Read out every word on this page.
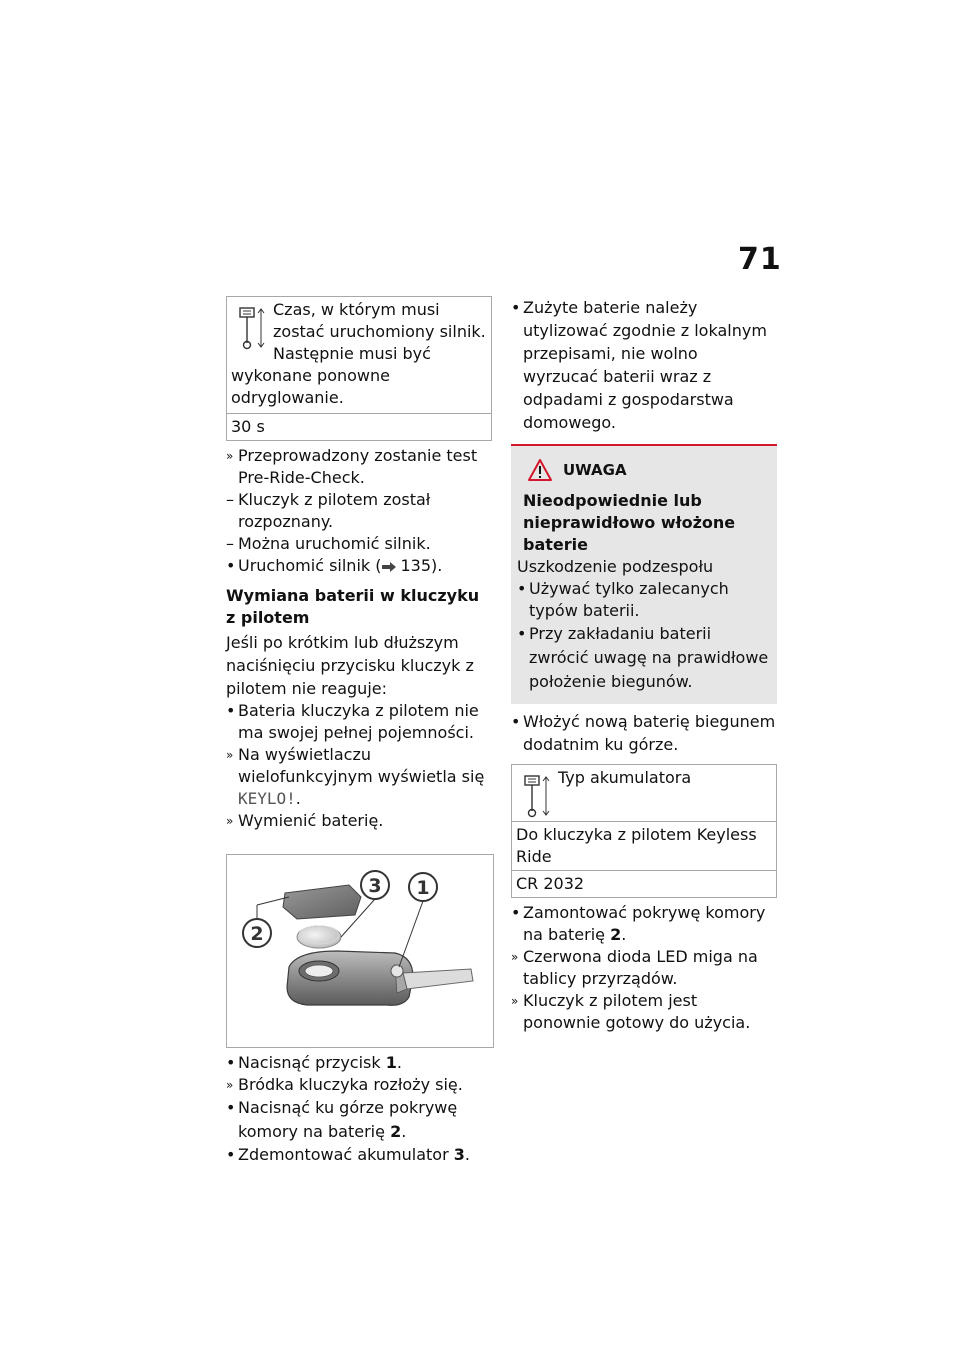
71
Czas, w którym musi zostać uruchomiony silnik. Następnie musi być wykonane ponowne odryglowanie.
30 s
» Przeprowadzony zostanie test Pre-Ride-Check.
– Kluczyk z pilotem został rozpoznany.
– Można uruchomić silnik.
• Uruchomić silnik ( 135).
Wymiana baterii w kluczyku z pilotem
Jeśli po krótkim lub dłuższym naciśnięciu przycisku kluczyk z pilotem nie reaguje:
• Bateria kluczyka z pilotem nie ma swojej pełnej pojemności.
» Na wyświetlaczu wielofunkcyjnym wyświetla się KEYLO!.
» Wymienić baterię.
2
3 1
• Nacisnąć przycisk 1.
» Bródka kluczyka rozłoży się.
• Nacisnąć ku górze pokrywę komory na baterię 2.
• Zdemontować akumulator 3.
• Zużyte baterie należy utylizować zgodnie z lokalnym przepisami, nie wolno wyrzucać baterii wraz z odpadami z gospodarstwa domowego.
UWAGA
Nieodpowiednie lub nieprawidłowo włożone baterie
Uszkodzenie podzespołu
• Używać tylko zalecanych typów baterii.
• Przy zakładaniu baterii zwrócić uwagę na prawidłowe położenie biegunów.
• Włożyć nową baterię biegunem dodatnim ku górze.
Typ akumulatora
Do kluczyka z pilotem Keyless Ride
CR 2032
• Zamontować pokrywę komory na baterię 2.
» Czerwona dioda LED miga na tablicy przyrządów.
» Kluczyk z pilotem jest ponownie gotowy do użycia.
